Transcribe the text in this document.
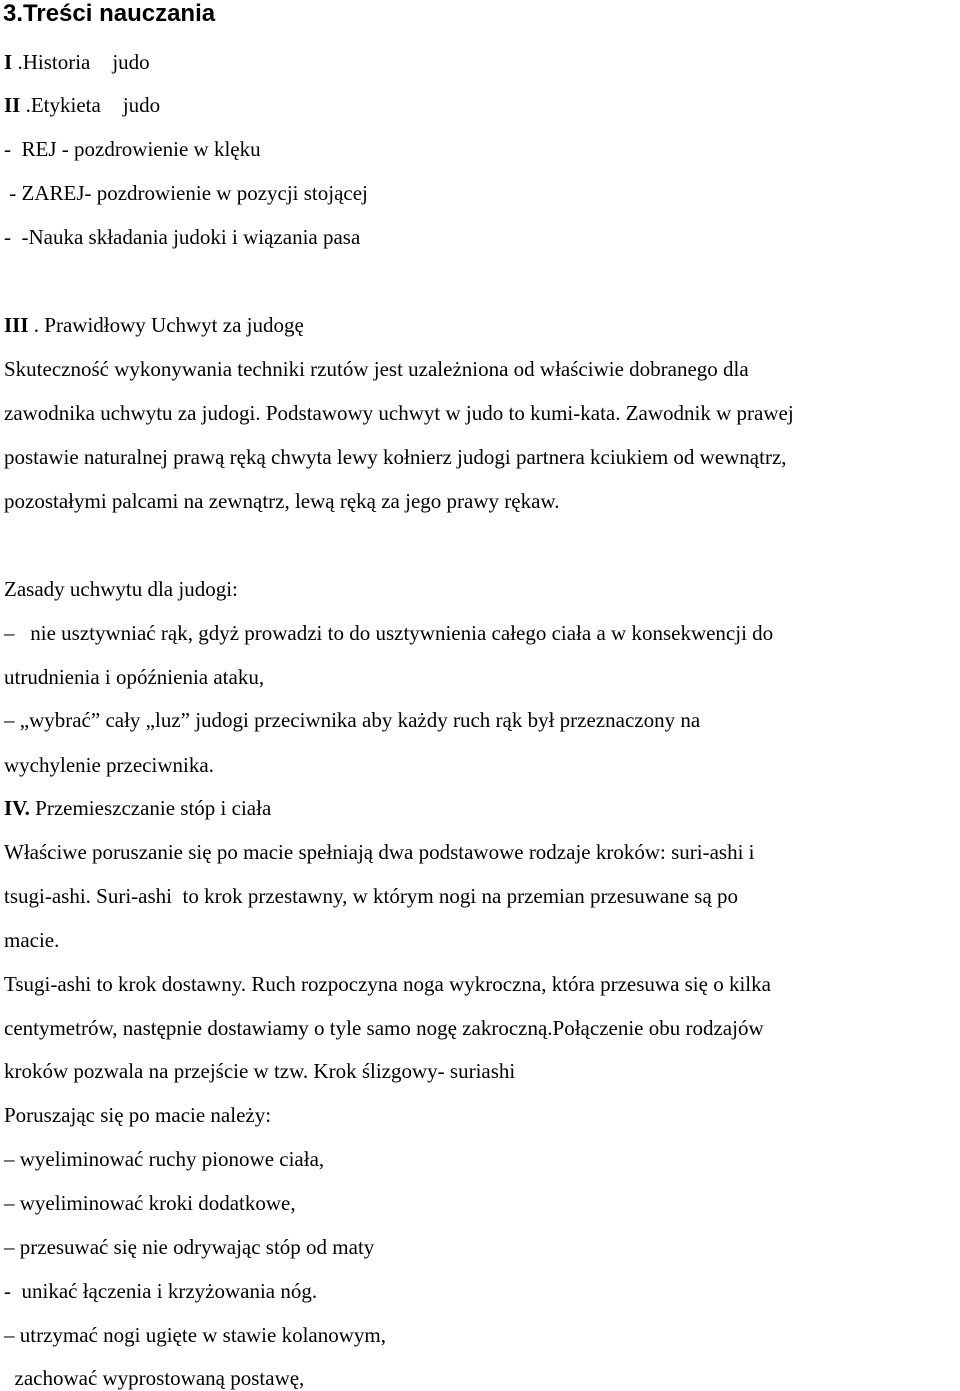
3.Treści nauczania
I .Historia judo
II .Etykieta judo
-  REJ - pozdrowienie w klęku
- ZAREJ- pozdrowienie w pozycji stojącej
-  -Nauka składania judoki i wiązania pasa
III . Prawidłowy Uchwyt za judogę
Skuteczność wykonywania techniki rzutów jest uzależniona od właściwie dobranego dla
zawodnika uchwytu za judogi. Podstawowy uchwyt w judo to kumi-kata. Zawodnik w prawej
postawie naturalnej prawą ręką chwyta lewy kołnierz judogi partnera kciukiem od wewnątrz,
pozostałymi palcami na zewnątrz, lewą ręką za jego prawy rękaw.
Zasady uchwytu dla judogi:
–   nie usztywniać rąk, gdyż prowadzi to do usztywnienia całego ciała a w konsekwencji do
utrudnienia i opóźnienia ataku,
– „wybrać” cały „luz” judogi przeciwnika aby każdy ruch rąk był przeznaczony na
wychylenie przeciwnika.
IV. Przemieszczanie stóp i ciała
Właściwe poruszanie się po macie spełniają dwa podstawowe rodzaje kroków: suri-ashi i
tsugi-ashi. Suri-ashi  to krok przestawny, w którym nogi na przemian przesuwane są po
macie.
Tsugi-ashi to krok dostawny. Ruch rozpoczyna noga wykroczna, która przesuwa się o kilka
centymetrów, następnie dostawiamy o tyle samo nogę zakroczną.Połączenie obu rodzajów
kroków pozwala na przejście w tzw. Krok ślizgowy- suriashi
Poruszając się po macie należy:
– wyeliminować ruchy pionowe ciała,
– wyeliminować kroki dodatkowe,
– przesuwać się nie odrywając stóp od maty
-  unikać łączenia i krzyżowania nóg.
– utrzymać nogi ugięte w stawie kolanowym,
zachować wyprostowaną postawę,
